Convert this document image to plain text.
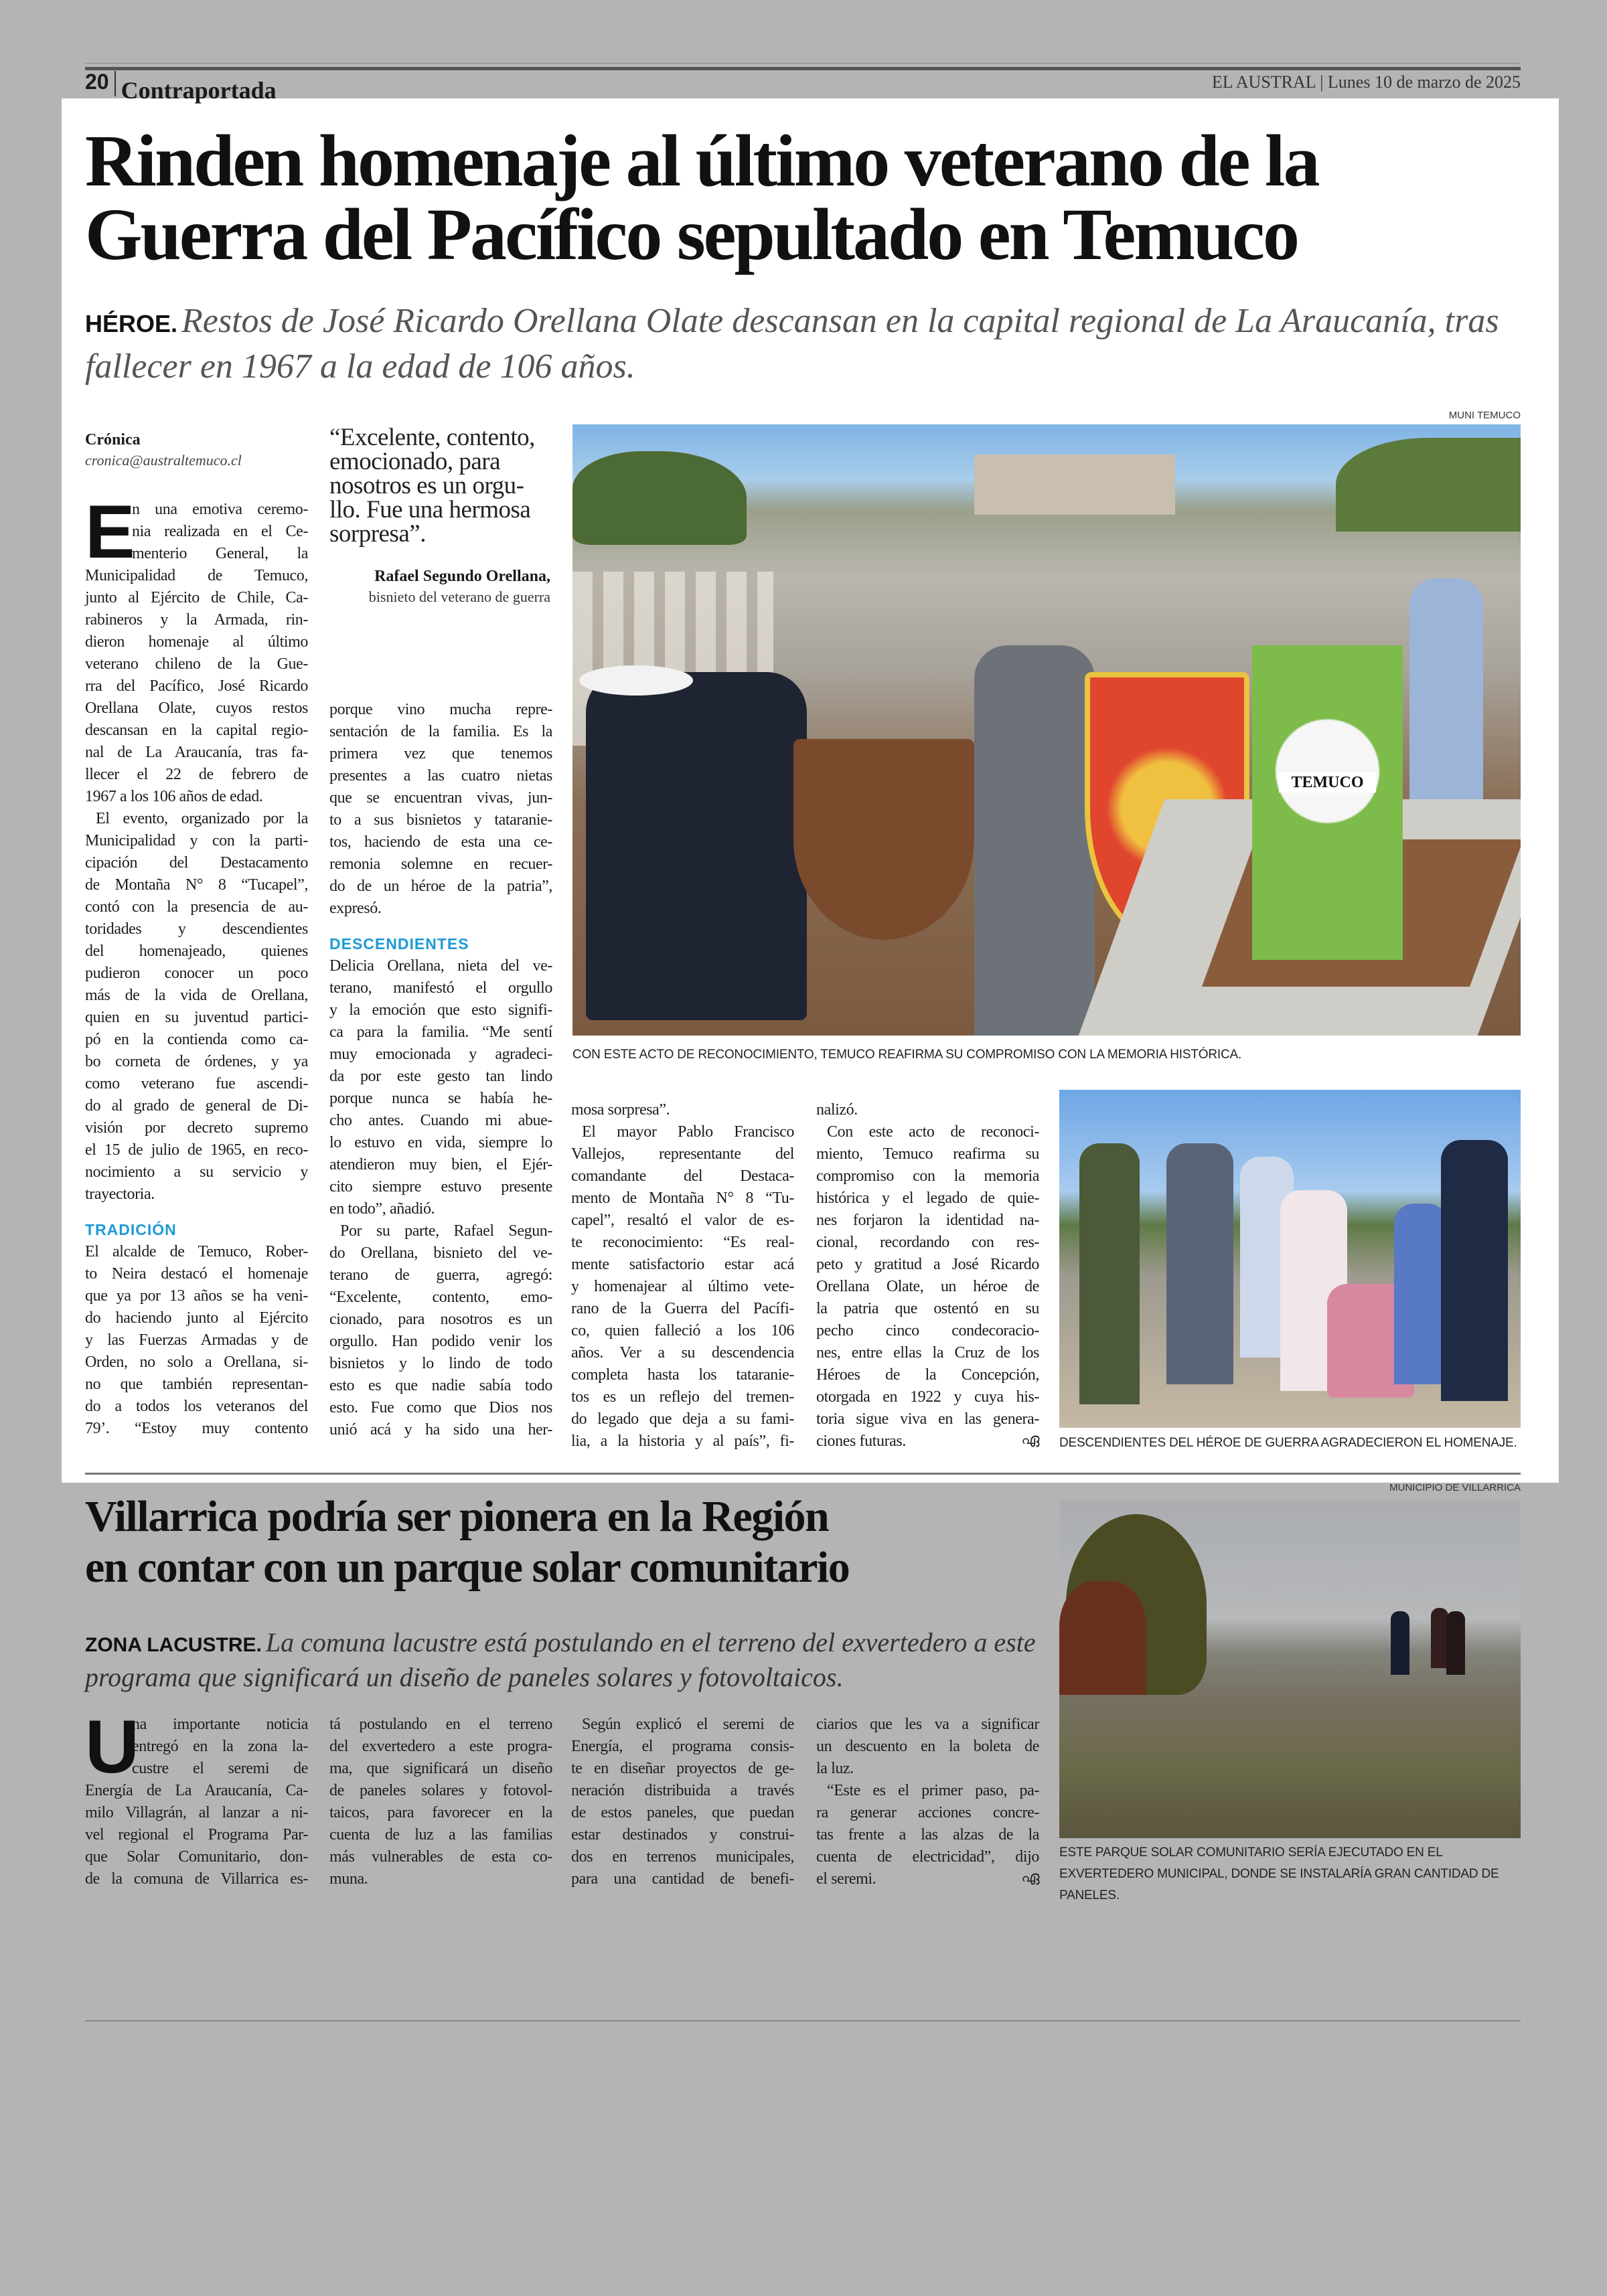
20 Contraportada	EL AUSTRAL | Lunes 10 de marzo de 2025
Rinden homenaje al último veterano de la
Guerra del Pacífico sepultado en Temuco
HÉROE. Restos de José Ricardo Orellana Olate descansan en la capital regional de La Araucanía, tras fallecer en 1967 a la edad de 106 años.
Crónica
cronica@australtemuco.cl
E
n una emotiva ceremo-
nia realizada en el Ce-
menterio General, la
Municipalidad de Temuco,
junto al Ejército de Chile, Ca-
rabineros y la Armada, rin-
dieron homenaje al último
veterano chileno de la Gue-
rra del Pacífico, José Ricardo
Orellana Olate, cuyos restos
descansan en la capital regio-
nal de La Araucanía, tras fa-
llecer el 22 de febrero de
1967 a los 106 años de edad.
El evento, organizado por la
Municipalidad y con la parti-
cipación del Destacamento
de Montaña N° 8 “Tucapel”,
contó con la presencia de au-
toridades y descendientes
del homenajeado, quienes
pudieron conocer un poco
más de la vida de Orellana,
quien en su juventud partici-
pó en la contienda como ca-
bo corneta de órdenes, y ya
como veterano fue ascendi-
do al grado de general de Di-
visión por decreto supremo
el 15 de julio de 1965, en reco-
nocimiento a su servicio y
trayectoria.
TRADICIÓN
El alcalde de Temuco, Rober-
to Neira destacó el homenaje
que ya por 13 años se ha veni-
do haciendo junto al Ejército
y las Fuerzas Armadas y de
Orden, no solo a Orellana, si-
no que también representan-
do a todos los veteranos del
79’. “Estoy muy contento
“Excelente, contento,
emocionado, para
nosotros es un orgu-
llo. Fue una hermosa
sorpresa”.
Rafael Segundo Orellana,
bisnieto del veterano de guerra
porque vino mucha repre-
sentación de la familia. Es la
primera vez que tenemos
presentes a las cuatro nietas
que se encuentran vivas, jun-
to a sus bisnietos y tataranie-
tos, haciendo de esta una ce-
remonia solemne en recuer-
do de un héroe de la patria”,
expresó.
DESCENDIENTES
Delicia Orellana, nieta del ve-
terano, manifestó el orgullo
y la emoción que esto signifi-
ca para la familia. “Me sentí
muy emocionada y agradeci-
da por este gesto tan lindo
porque nunca se había he-
cho antes. Cuando mi abue-
lo estuvo en vida, siempre lo
atendieron muy bien, el Ejér-
cito siempre estuvo presente
en todo”, añadió.
Por su parte, Rafael Segun-
do Orellana, bisnieto del ve-
terano de guerra, agregó:
“Excelente, contento, emo-
cionado, para nosotros es un
orgullo. Han podido venir los
bisnietos y lo lindo de todo
esto es que nadie sabía todo
esto. Fue como que Dios nos
unió acá y ha sido una her-
mosa sorpresa”.
El mayor Pablo Francisco
Vallejos, representante del
comandante del Destaca-
mento de Montaña N° 8 “Tu-
capel”, resaltó el valor de es-
te reconocimiento: “Es real-
mente satisfactorio estar acá
y homenajear al último vete-
rano de la Guerra del Pacífi-
co, quien falleció a los 106
años. Ver a su descendencia
completa hasta los tataranie-
tos es un reflejo del tremen-
do legado que deja a su fami-
lia, a la historia y al país”, fi-
nalizó.
Con este acto de reconoci-
miento, Temuco reafirma su
compromiso con la memoria
histórica y el legado de quie-
nes forjaron la identidad na-
cional, recordando con res-
peto y gratitud a José Ricardo
Orellana Olate, un héroe de
la patria que ostentó en su
pecho cinco condecoracio-
nes, entre ellas la Cruz de los
Héroes de la Concepción,
otorgada en 1922 y cuya his-
toria sigue viva en las genera-
ciones futuras.	ഏ
MUNI TEMUCO
TEMUCO
CON ESTE ACTO DE RECONOCIMIENTO, TEMUCO REAFIRMA SU COMPROMISO CON LA MEMORIA HISTÓRICA.
DESCENDIENTES DEL HÉROE DE GUERRA AGRADECIERON EL HOMENAJE.
Villarrica podría ser pionera en la Región
en contar con un parque solar comunitario
ZONA LACUSTRE. La comuna lacustre está postulando en el terreno del exvertedero a este programa que significará un diseño de paneles solares y fotovoltaicos.
U
na importante noticia
entregó en la zona la-
custre el seremi de
Energía de La Araucanía, Ca-
milo Villagrán, al lanzar a ni-
vel regional el Programa Par-
que Solar Comunitario, don-
de la comuna de Villarrica es-
tá postulando en el terreno
del exvertedero a este progra-
ma, que significará un diseño
de paneles solares y fotovol-
taicos, para favorecer en la
cuenta de luz a las familias
más vulnerables de esta co-
muna.
Según explicó el seremi de
Energía, el programa consis-
te en diseñar proyectos de ge-
neración distribuida a través
de estos paneles, que puedan
estar destinados y construi-
dos en terrenos municipales,
para una cantidad de benefi-
ciarios que les va a significar
un descuento en la boleta de
la luz.
“Este es el primer paso, pa-
ra generar acciones concre-
tas frente a las alzas de la
cuenta de electricidad”, dijo
el seremi.	ഏ
MUNICIPIO DE VILLARRICA
ESTE PARQUE SOLAR COMUNITARIO SERÍA EJECUTADO EN EL EXVERTEDERO MUNICIPAL, DONDE SE INSTALARÍA GRAN CANTIDAD DE PANELES.
